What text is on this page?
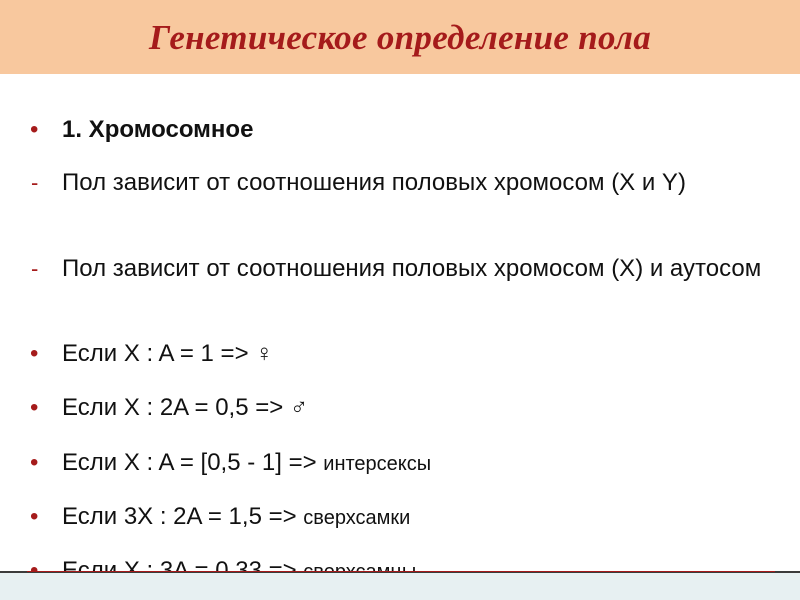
Генетическое определение пола
• 1. Хромосомное
- Пол зависит от соотношения половых хромосом (X и Y)
- Пол зависит от соотношения половых хромосом (X) и аутосом
• Если X : A = 1 => ♀
• Если X : 2A = 0,5 => ♂
• Если X : A = [0,5 - 1] => интерсексы
• Если 3X : 2A = 1,5 => сверхсамки
